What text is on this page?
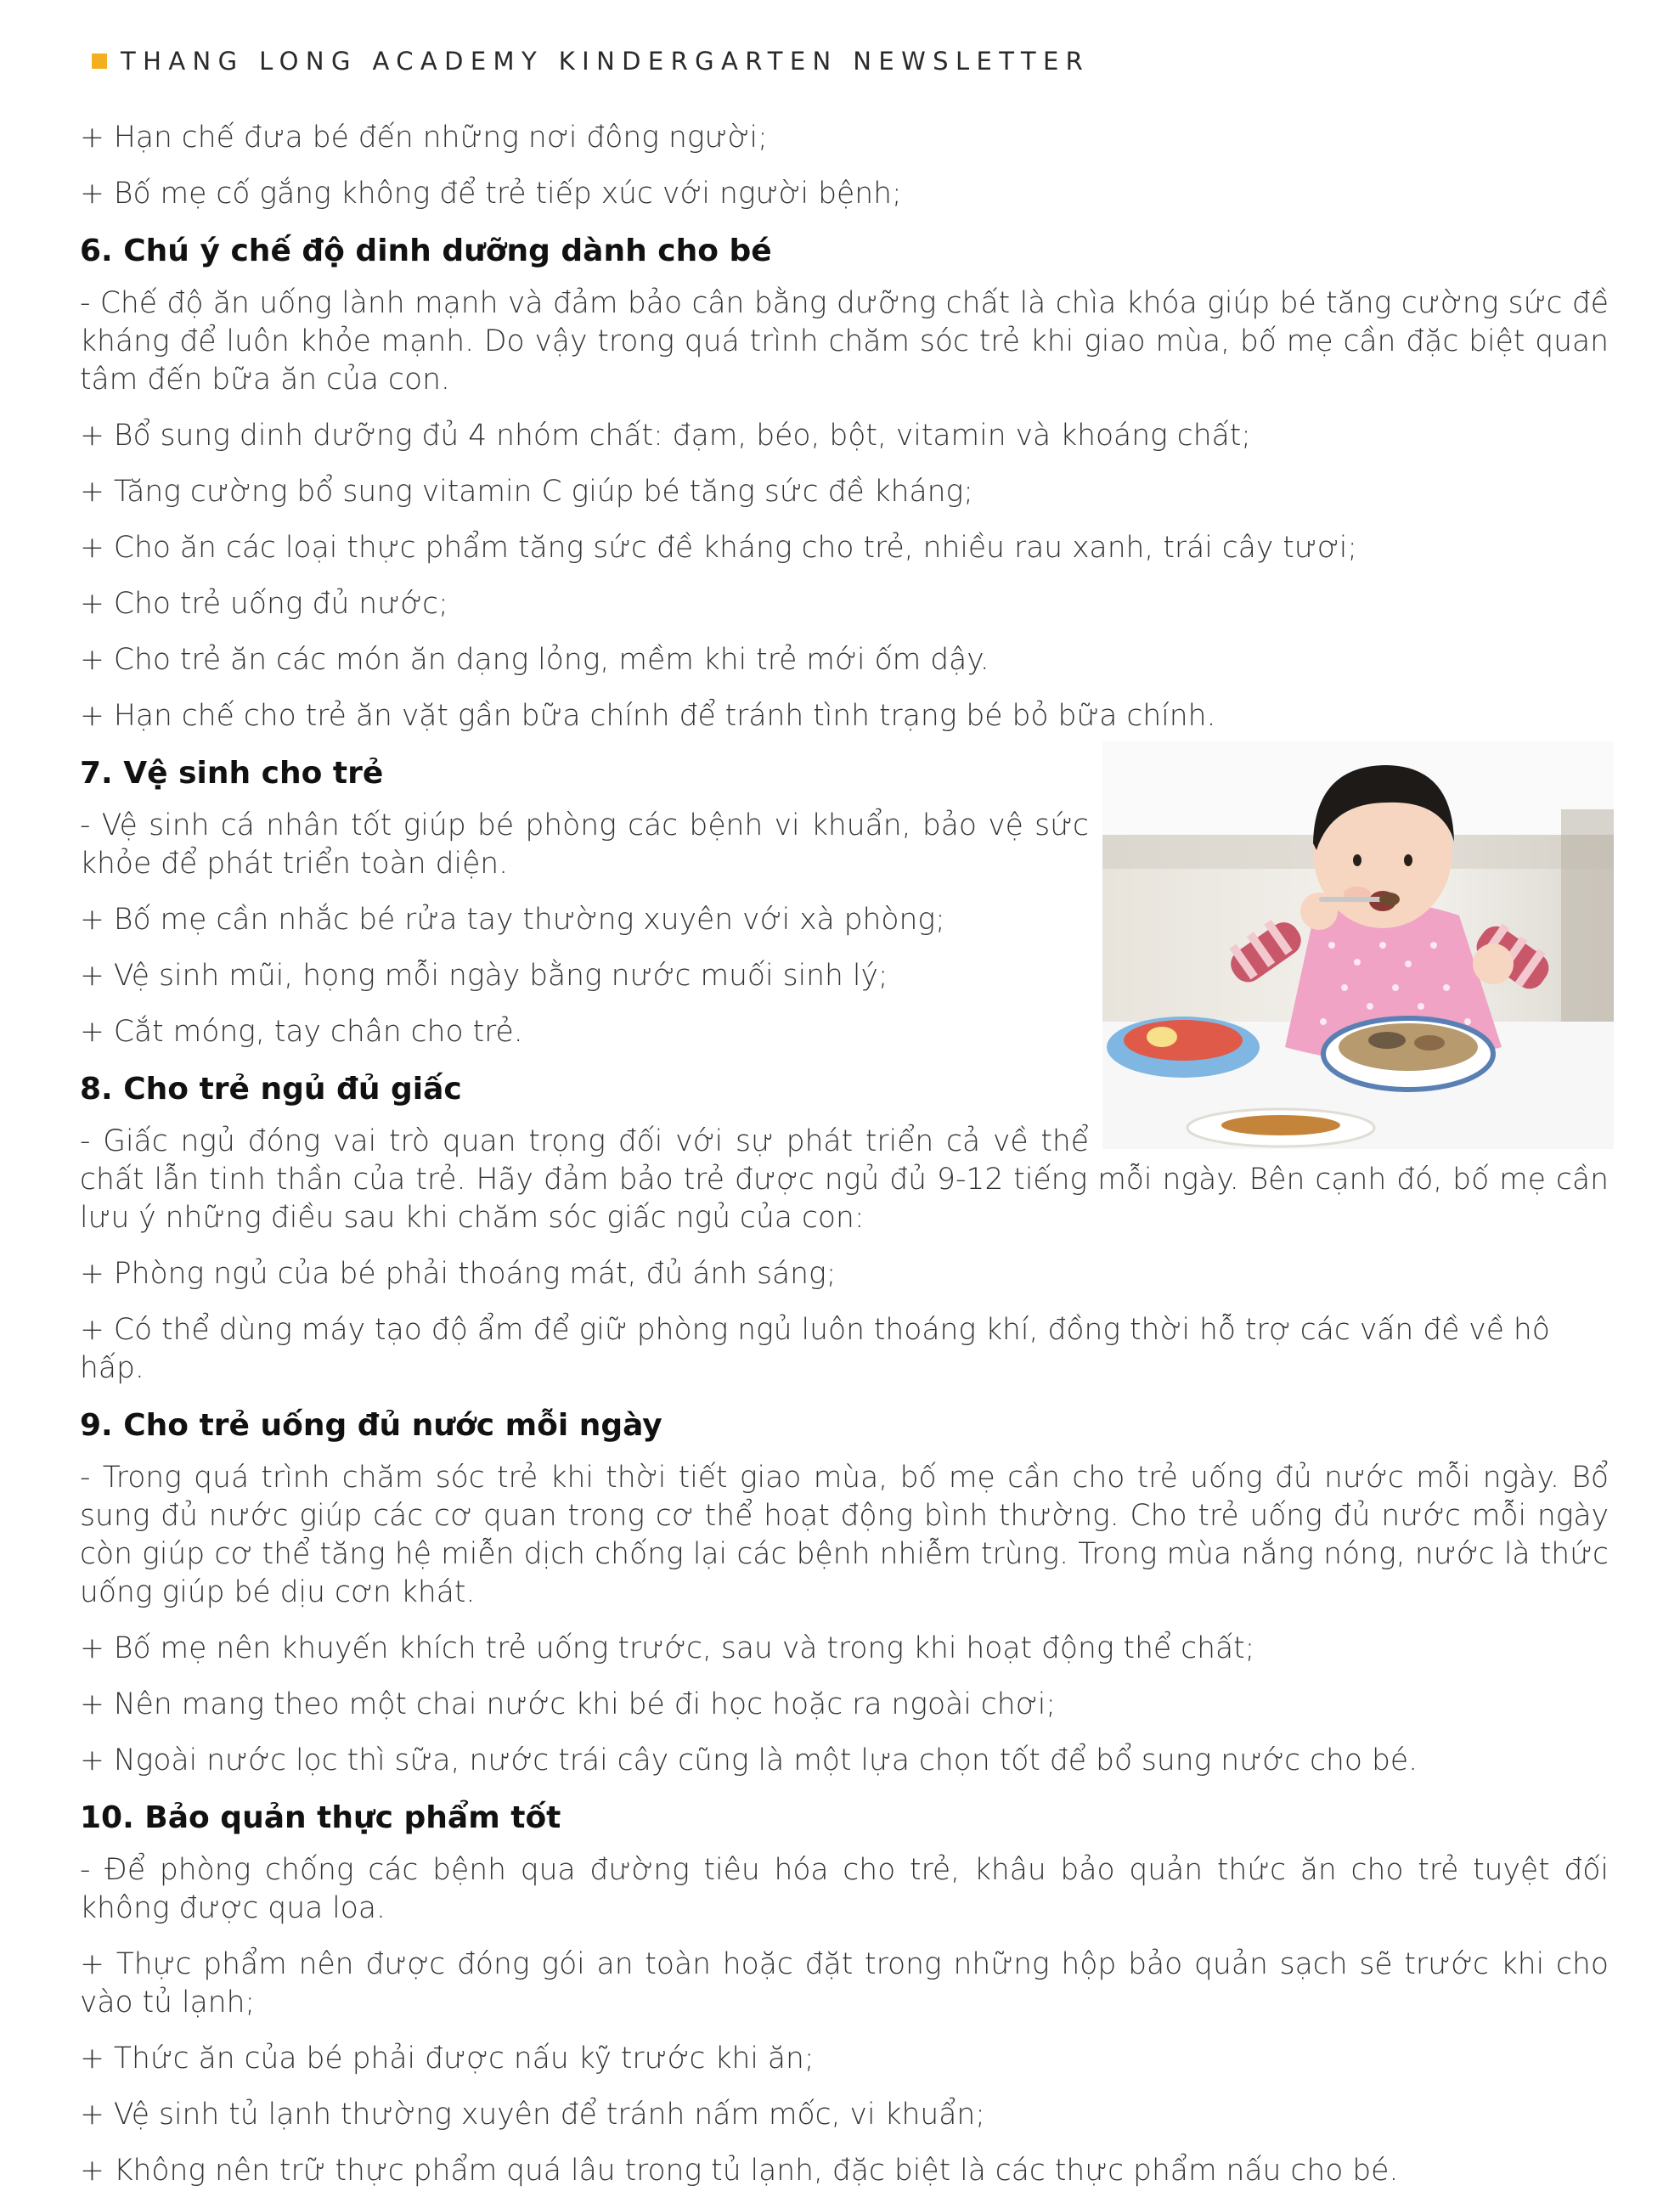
THANG LONG ACADEMY KINDERGARTEN NEWSLETTER

+ Hạn chế đưa bé đến những nơi đông người;

+ Bố mẹ cố gắng không để trẻ tiếp xúc với người bệnh;

6. Chú ý chế độ dinh dưỡng dành cho bé

- Chế độ ăn uống lành mạnh và đảm bảo cân bằng dưỡng chất là chìa khóa giúp bé tăng cường sức đề kháng để luôn khỏe mạnh. Do vậy trong quá trình chăm sóc trẻ khi giao mùa, bố mẹ cần đặc biệt quan tâm đến bữa ăn của con.

+ Bổ sung dinh dưỡng đủ 4 nhóm chất: đạm, béo, bột, vitamin và khoáng chất;

+ Tăng cường bổ sung vitamin C giúp bé tăng sức đề kháng;

+ Cho ăn các loại thực phẩm tăng sức đề kháng cho trẻ, nhiều rau xanh, trái cây tươi;

+ Cho trẻ uống đủ nước;

+ Cho trẻ ăn các món ăn dạng lỏng, mềm khi trẻ mới ốm dậy.

+ Hạn chế cho trẻ ăn vặt gần bữa chính để tránh tình trạng bé bỏ bữa chính.

7. Vệ sinh cho trẻ

- Vệ sinh cá nhân tốt giúp bé phòng các bệnh vi khuẩn, bảo vệ sức khỏe để phát triển toàn diện.

+ Bố mẹ cần nhắc bé rửa tay thường xuyên với xà phòng;

+ Vệ sinh mũi, họng mỗi ngày bằng nước muối sinh lý;

+ Cắt móng, tay chân cho trẻ.

8. Cho trẻ ngủ đủ giấc

- Giấc ngủ đóng vai trò quan trọng đối với sự phát triển cả về thể chất lẫn tinh thần của trẻ. Hãy đảm bảo trẻ được ngủ đủ 9-12 tiếng mỗi ngày. Bên cạnh đó, bố mẹ cần lưu ý những điều sau khi chăm sóc giấc ngủ của con:

+ Phòng ngủ của bé phải thoáng mát, đủ ánh sáng;

+ Có thể dùng máy tạo độ ẩm để giữ phòng ngủ luôn thoáng khí, đồng thời hỗ trợ các vấn đề về hô hấp.

9. Cho trẻ uống đủ nước mỗi ngày

- Trong quá trình chăm sóc trẻ khi thời tiết giao mùa, bố mẹ cần cho trẻ uống đủ nước mỗi ngày. Bổ sung đủ nước giúp các cơ quan trong cơ thể hoạt động bình thường. Cho trẻ uống đủ nước mỗi ngày còn giúp cơ thể tăng hệ miễn dịch chống lại các bệnh nhiễm trùng. Trong mùa nắng nóng, nước là thức uống giúp bé dịu cơn khát.

+ Bố mẹ nên khuyến khích trẻ uống trước, sau và trong khi hoạt động thể chất;

+ Nên mang theo một chai nước khi bé đi học hoặc ra ngoài chơi;

+ Ngoài nước lọc thì sữa, nước trái cây cũng là một lựa chọn tốt để bổ sung nước cho bé.

10. Bảo quản thực phẩm tốt

- Để phòng chống các bệnh qua đường tiêu hóa cho trẻ, khâu bảo quản thức ăn cho trẻ tuyệt đối không được qua loa.

+ Thực phẩm nên được đóng gói an toàn hoặc đặt trong những hộp bảo quản sạch sẽ trước khi cho vào tủ lạnh;

+ Thức ăn của bé phải được nấu kỹ trước khi ăn;

+ Vệ sinh tủ lạnh thường xuyên để tránh nấm mốc, vi khuẩn;

+ Không nên trữ thực phẩm quá lâu trong tủ lạnh, đặc biệt là các thực phẩm nấu cho bé.
